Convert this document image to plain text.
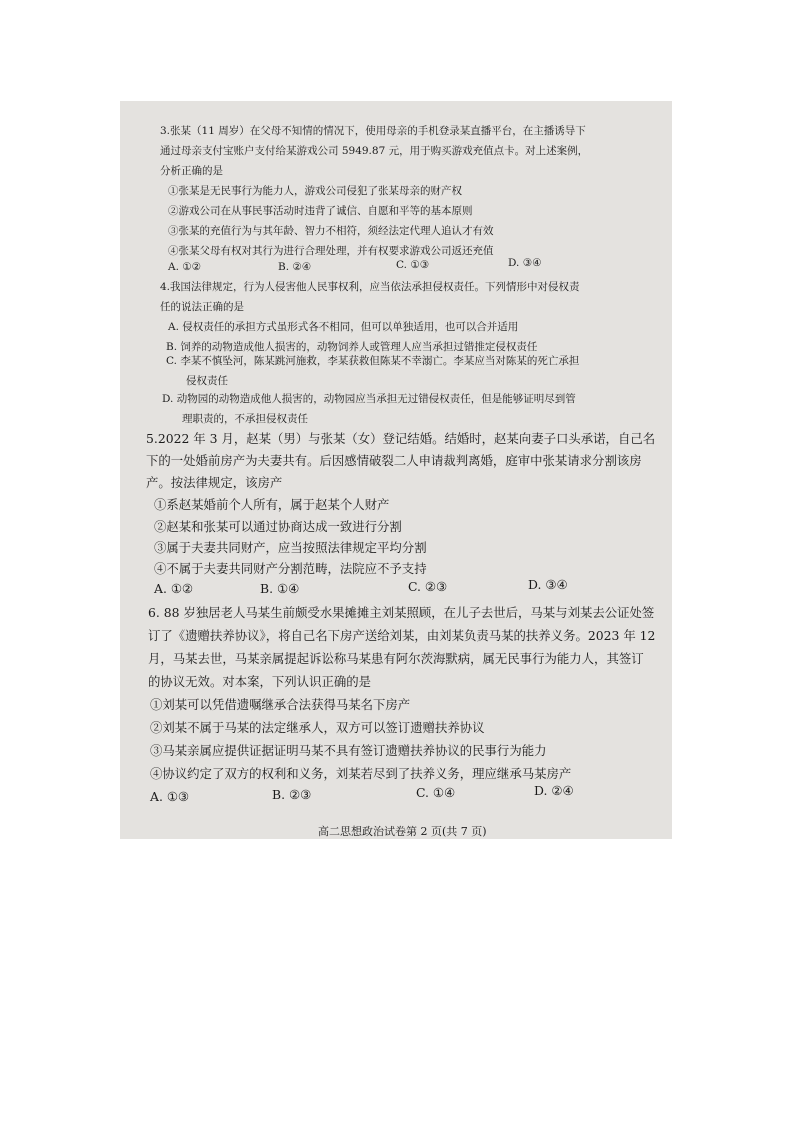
3.张某（11 周岁）在父母不知情的情况下，使用母亲的手机登录某直播平台，在主播诱导下
通过母亲支付宝账户支付给某游戏公司 5949.87 元，用于购买游戏充值点卡。对上述案例，
分析正确的是
①张某是无民事行为能力人，游戏公司侵犯了张某母亲的财产权
②游戏公司在从事民事活动时违背了诚信、自愿和平等的基本原则
③张某的充值行为与其年龄、智力不相符，须经法定代理人追认才有效
④张某父母有权对其行为进行合理处理，并有权要求游戏公司返还充值
A. ①②	B. ②④	C. ①③	D. ③④
4.我国法律规定，行为人侵害他人民事权利，应当依法承担侵权责任。下列情形中对侵权责
任的说法正确的是
A. 侵权责任的承担方式虽形式各不相同，但可以单独适用，也可以合并适用
B. 饲养的动物造成他人损害的，动物饲养人或管理人应当承担过错推定侵权责任
C. 李某不慎坠河，陈某跳河施救，李某获救但陈某不幸溺亡。李某应当对陈某的死亡承担
侵权责任
D. 动物园的动物造成他人损害的，动物园应当承担无过错侵权责任，但是能够证明尽到管
理职责的，不承担侵权责任
5.2022 年 3 月，赵某（男）与张某（女）登记结婚。结婚时，赵某向妻子口头承诺，自己名
下的一处婚前房产为夫妻共有。后因感情破裂二人申请裁判离婚，庭审中张某请求分割该房
产。按法律规定，该房产
①系赵某婚前个人所有，属于赵某个人财产
②赵某和张某可以通过协商达成一致进行分割
③属于夫妻共同财产，应当按照法律规定平均分割
④不属于夫妻共同财产分割范畴，法院应不予支持
A. ①②	B. ①④	C. ②③	D. ③④
6. 88 岁独居老人马某生前颇受水果摊摊主刘某照顾，在儿子去世后，马某与刘某去公证处签
订了《遗赠扶养协议》，将自己名下房产送给刘某，由刘某负责马某的扶养义务。2023 年 12
月，马某去世，马某亲属提起诉讼称马某患有阿尔茨海默病，属无民事行为能力人，其签订
的协议无效。对本案，下列认识正确的是
①刘某可以凭借遗嘱继承合法获得马某名下房产
②刘某不属于马某的法定继承人，双方可以签订遗赠扶养协议
③马某亲属应提供证据证明马某不具有签订遗赠扶养协议的民事行为能力
④协议约定了双方的权利和义务，刘某若尽到了扶养义务，理应继承马某房产
A. ①③	B. ②③	C. ①④	D. ②④
高二思想政治试卷第 2 页(共 7 页)
